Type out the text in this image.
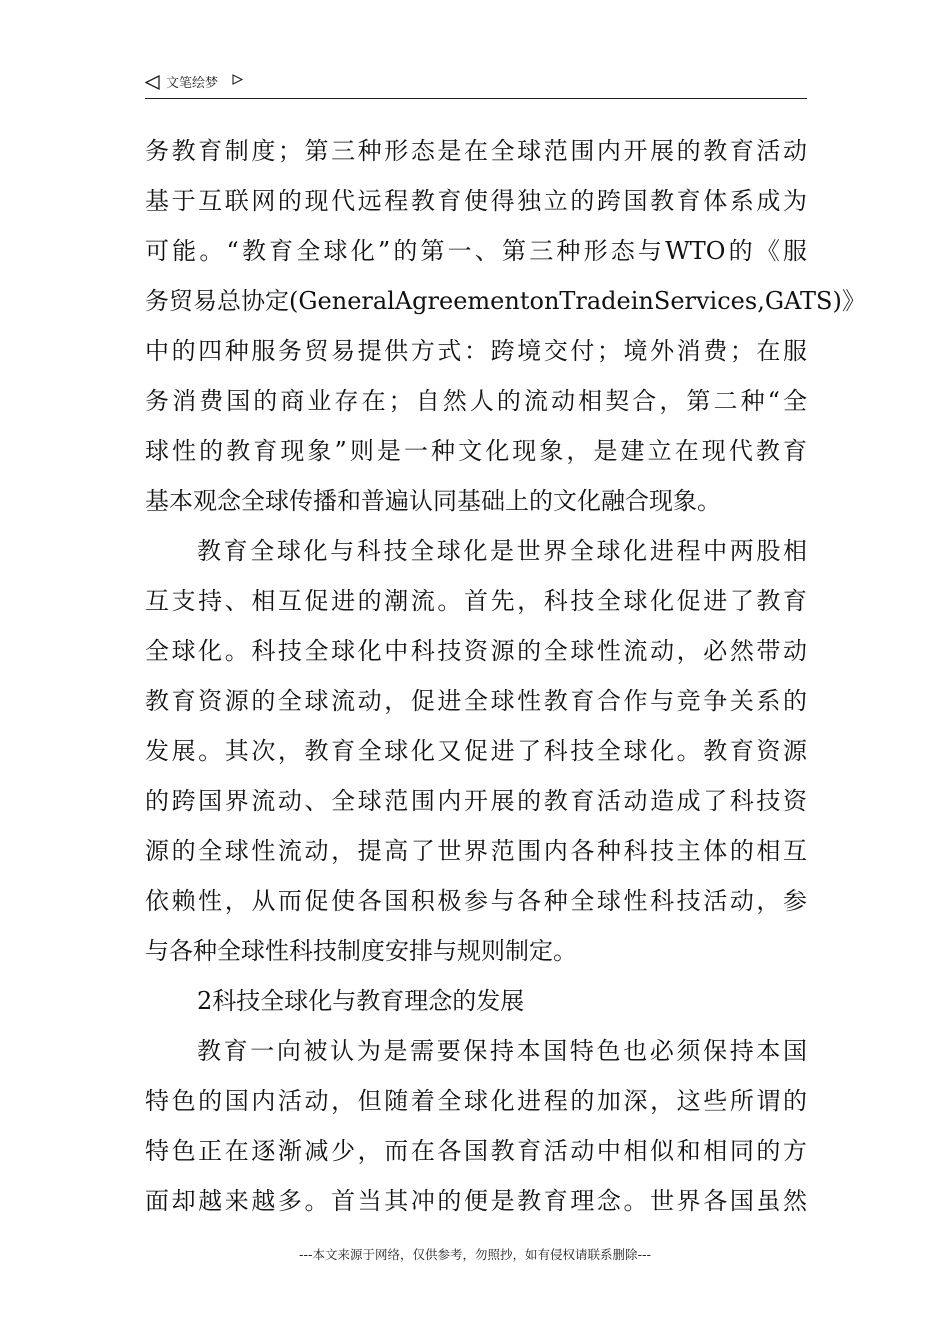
文笔绘梦
务教育制度；第三种形态是在全球范围内开展的教育活动
基于互联网的现代远程教育使得独立的跨国教育体系成为
可能。“教育全球化”的第一、第三种形态与WTO的《服
务贸易总协定(GeneralAgreementonTradeinServices,GATS)》
中的四种服务贸易提供方式：跨境交付；境外消费；在服
务消费国的商业存在；自然人的流动相契合，第二种“全
球性的教育现象”则是一种文化现象，是建立在现代教育
基本观念全球传播和普遍认同基础上的文化融合现象。
教育全球化与科技全球化是世界全球化进程中两股相
互支持、相互促进的潮流。首先，科技全球化促进了教育
全球化。科技全球化中科技资源的全球性流动，必然带动
教育资源的全球流动，促进全球性教育合作与竞争关系的
发展。其次，教育全球化又促进了科技全球化。教育资源
的跨国界流动、全球范围内开展的教育活动造成了科技资
源的全球性流动，提高了世界范围内各种科技主体的相互
依赖性，从而促使各国积极参与各种全球性科技活动，参
与各种全球性科技制度安排与规则制定。
2科技全球化与教育理念的发展
教育一向被认为是需要保持本国特色也必须保持本国
特色的国内活动，但随着全球化进程的加深，这些所谓的
特色正在逐渐减少，而在各国教育活动中相似和相同的方
面却越来越多。首当其冲的便是教育理念。世界各国虽然
---本文来源于网络，仅供参考，勿照抄，如有侵权请联系删除---
